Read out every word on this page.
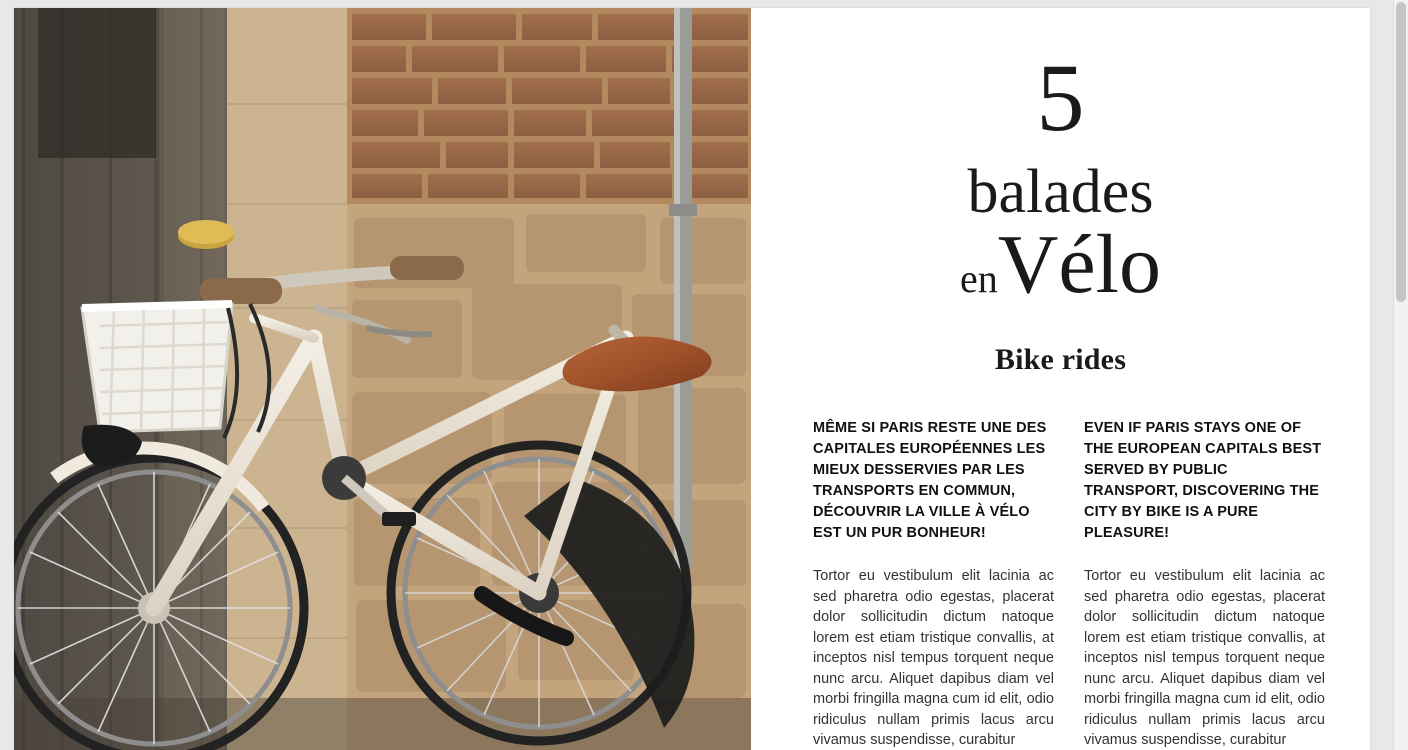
5
balades
enVélo
Bike rides

MÊME SI PARIS RESTE UNE DES CAPITALES EUROPÉENNES LES MIEUX DESSERVIES PAR LES TRANSPORTS EN COMMUN, DÉCOUVRIR LA VILLE À VÉLO EST UN PUR BONHEUR!

Tortor eu vestibulum elit lacinia ac sed pharetra odio egestas, placerat dolor sollicitudin dictum natoque lorem est etiam tristique convallis, at inceptos nisl tempus torquent neque nunc arcu. Aliquet dapibus diam vel morbi fringilla magna cum id elit, odio ridiculus nullam primis lacus arcu vivamus suspendisse, curabitur

EVEN IF PARIS STAYS ONE OF THE EUROPEAN CAPITALS BEST SERVED BY PUBLIC TRANSPORT, DISCOVERING THE CITY BY BIKE IS A PURE PLEASURE!

Tortor eu vestibulum elit lacinia ac sed pharetra odio egestas, placerat dolor sollicitudin dictum natoque lorem est etiam tristique convallis, at inceptos nisl tempus torquent neque nunc arcu. Aliquet dapibus diam vel morbi fringilla magna cum id elit, odio ridiculus nullam primis lacus arcu vivamus suspendisse, curabitur
